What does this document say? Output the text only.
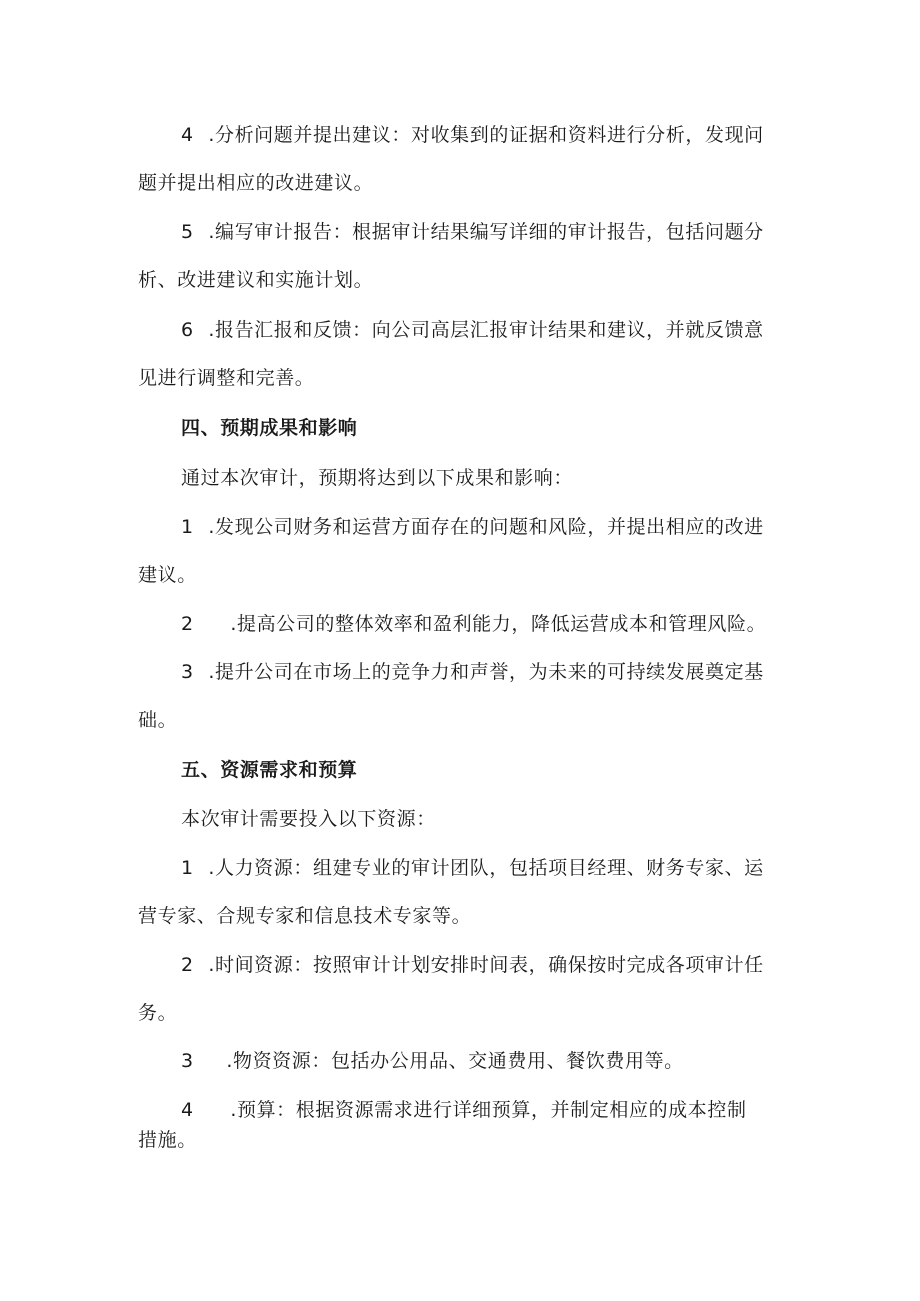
4 .分析问题并提出建议：对收集到的证据和资料进行分析，发现问
题并提出相应的改进建议。
5 .编写审计报告：根据审计结果编写详细的审计报告，包括问题分
析、改进建议和实施计划。
6 .报告汇报和反馈：向公司高层汇报审计结果和建议，并就反馈意
见进行调整和完善。
四、预期成果和影响
通过本次审计，预期将达到以下成果和影响：
1 .发现公司财务和运营方面存在的问题和风险，并提出相应的改进
建议。
2 .提高公司的整体效率和盈利能力，降低运营成本和管理风险。
3 .提升公司在市场上的竞争力和声誉，为未来的可持续发展奠定基
础。
五、资源需求和预算
本次审计需要投入以下资源：
1 .人力资源：组建专业的审计团队，包括项目经理、财务专家、运
营专家、合规专家和信息技术专家等。
2 .时间资源：按照审计计划安排时间表，确保按时完成各项审计任
务。
3 .物资资源：包括办公用品、交通费用、餐饮费用等。
4 .预算：根据资源需求进行详细预算，并制定相应的成本控制
措施。
